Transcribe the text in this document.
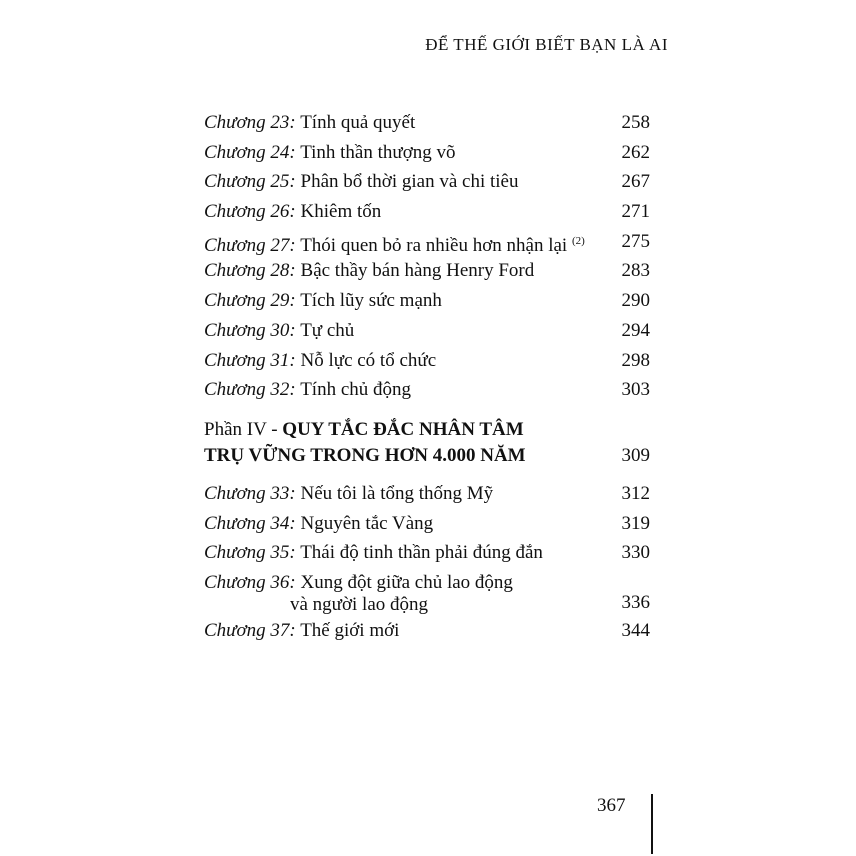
ĐỂ THẾ GIỚI BIẾT BẠN LÀ AI
Chương 23: Tính quả quyết	258
Chương 24: Tinh thần thượng võ	262
Chương 25: Phân bổ thời gian và chi tiêu	267
Chương 26: Khiêm tốn	271
Chương 27: Thói quen bỏ ra nhiều hơn nhận lại $^{(2)}$ 275
Chương 28: Bậc thầy bán hàng Henry Ford	283
Chương 29: Tích lũy sức mạnh	290
Chương 30: Tự chủ	294
Chương 31: Nỗ lực có tổ chức	298
Chương 32: Tính chủ động	303
Phần IV - QUY TẮC ĐẮC NHÂN TÂM
TRỤ VỮNG TRONG HƠN 4.000 NĂM	309
Chương 33: Nếu tôi là tổng thống Mỹ	312
Chương 34: Nguyên tắc Vàng	319
Chương 35: Thái độ tinh thần phải đúng đắn	330
Chương 36: Xung đột giữa chủ lao động
và người lao động	336
Chương 37: Thế giới mới	344
367
